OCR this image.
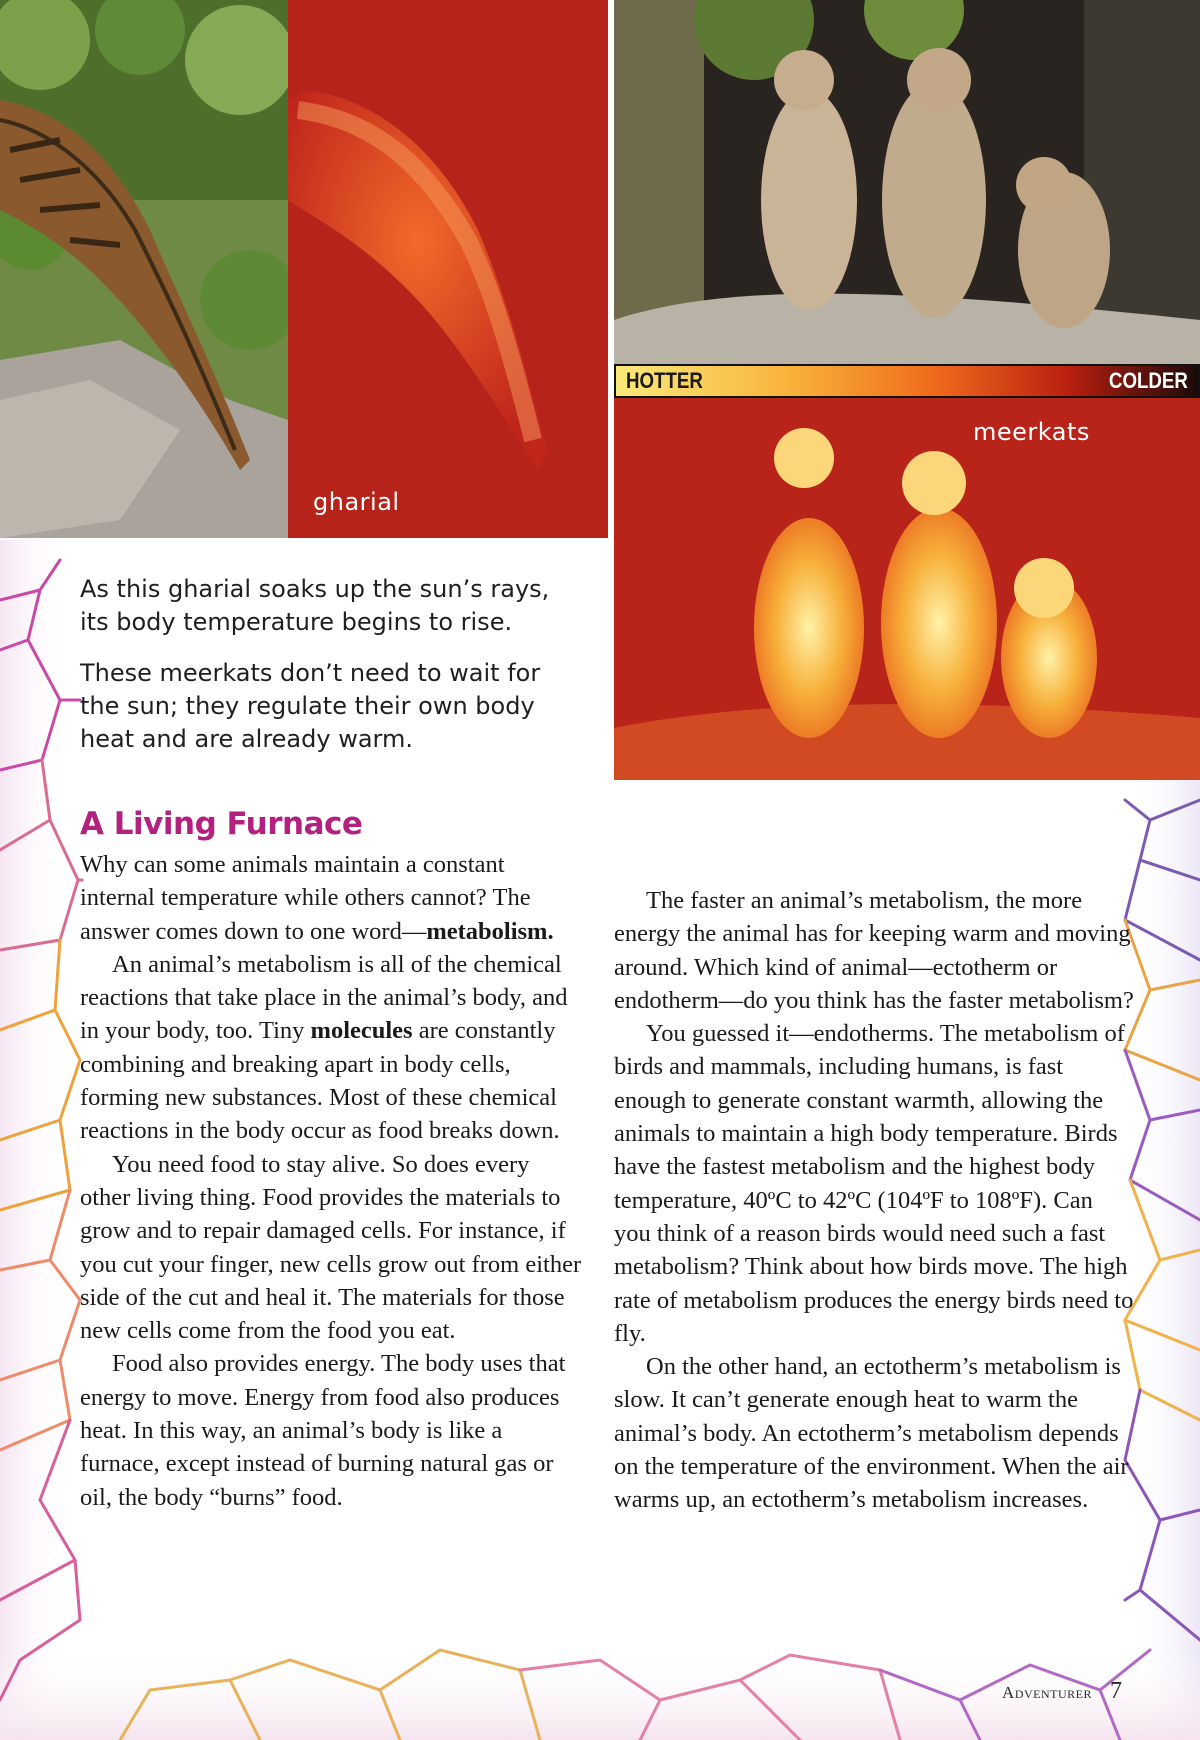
gharial
HOTTER	COLDER
meerkats

As this gharial soaks up the sun’s rays, its body temperature begins to rise.

These meerkats don’t need to wait for the sun; they regulate their own body heat and are already warm.

A Living Furnace

Why can some animals maintain a constant internal temperature while others cannot? The answer comes down to one word—metabolism.

An animal’s metabolism is all of the chemical reactions that take place in the animal’s body, and in your body, too. Tiny molecules are constantly combining and breaking apart in body cells, forming new substances. Most of these chemical reactions in the body occur as food breaks down.

You need food to stay alive. So does every other living thing. Food provides the materials to grow and to repair damaged cells. For instance, if you cut your finger, new cells grow out from either side of the cut and heal it. The materials for those new cells come from the food you eat.

Food also provides energy. The body uses that energy to move. Energy from food also produces heat. In this way, an animal’s body is like a furnace, except instead of burning natural gas or oil, the body “burns” food.

The faster an animal’s metabolism, the more energy the animal has for keeping warm and moving around. Which kind of animal—ectotherm or endotherm—do you think has the faster metabolism?

You guessed it—endotherms. The metabolism of birds and mammals, including humans, is fast enough to generate constant warmth, allowing the animals to maintain a high body temperature. Birds have the fastest metabolism and the highest body temperature, 40ºC to 42ºC (104ºF to 108ºF). Can you think of a reason birds would need such a fast metabolism? Think about how birds move. The high rate of metabolism produces the energy birds need to fly.

On the other hand, an ectotherm’s metabolism is slow. It can’t generate enough heat to warm the animal’s body. An ectotherm’s metabolism depends on the temperature of the environment. When the air warms up, an ectotherm’s metabolism increases.

Adventurer 7
